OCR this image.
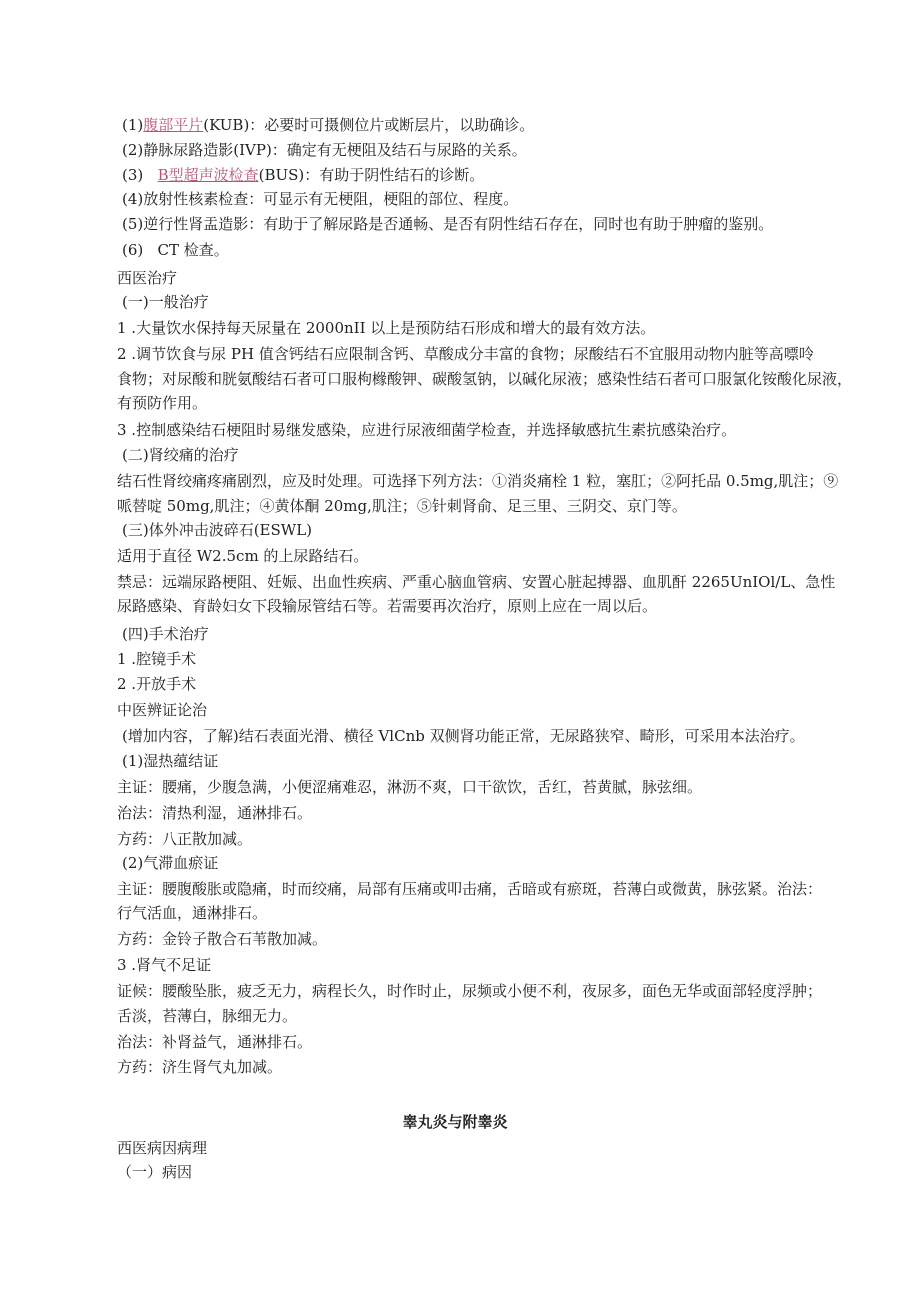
(1)腹部平片(KUB)：必要时可摄侧位片或断层片，以助确诊。
(2)静脉尿路造影(IVP)：确定有无梗阻及结石与尿路的关系。
(3)   B型超声波检查(BUS)：有助于阴性结石的诊断。
(4)放射性核素检查：可显示有无梗阻，梗阻的部位、程度。
(5)逆行性肾盂造影：有助于了解尿路是否通畅、是否有阴性结石存在，同时也有助于肿瘤的鉴别。
(6)   CT 检查。
西医治疗
(一)一般治疗
1 .大量饮水保持每天尿量在 2000nII 以上是预防结石形成和增大的最有效方法。
2 .调节饮食与尿 PH 值含钙结石应限制含钙、草酸成分丰富的食物；尿酸结石不宜服用动物内脏等高嘌呤
食物；对尿酸和胱氨酸结石者可口服枸橼酸钾、碳酸氢钠，以碱化尿液；感染性结石者可口服氯化铵酸化尿液，
有预防作用。
3 .控制感染结石梗阻时易继发感染，应进行尿液细菌学检查，并选择敏感抗生素抗感染治疗。
(二)肾绞痛的治疗
结石性肾绞痛疼痛剧烈，应及时处理。可选择下列方法：①消炎痛栓 1 粒，塞肛；②阿托品 0.5mg,肌注；⑨
哌替啶 50mg,肌注；④黄体酮 20mg,肌注；⑤针刺肾俞、足三里、三阴交、京门等。
(三)体外冲击波碎石(ESWL)
适用于直径 W2.5cm 的上尿路结石。
禁忌：远端尿路梗阻、妊娠、出血性疾病、严重心脑血管病、安置心脏起搏器、血肌酐 2265UnIOl/L、急性
尿路感染、育龄妇女下段输尿管结石等。若需要再次治疗，原则上应在一周以后。
(四)手术治疗
1 .腔镜手术
2 .开放手术
中医辨证论治
(增加内容，了解)结石表面光滑、横径 VlCnb 双侧肾功能正常，无尿路狭窄、畸形，可采用本法治疗。
(1)湿热蕴结证
主证：腰痛，少腹急满，小便涩痛难忍，淋沥不爽，口干欲饮，舌红，苔黄腻，脉弦细。
治法：清热利湿，通淋排石。
方药：八正散加减。
(2)气滞血瘀证
主证：腰腹酸胀或隐痛，时而绞痛，局部有压痛或叩击痛，舌暗或有瘀斑，苔薄白或微黄，脉弦紧。治法：
行气活血，通淋排石。
方药：金铃子散合石苇散加减。
3 .肾气不足证
证候：腰酸坠胀，疲乏无力，病程长久，时作时止，尿频或小便不利，夜尿多，面色无华或面部轻度浮肿；
舌淡，苔薄白，脉细无力。
治法：补肾益气，通淋排石。
方药：济生肾气丸加减。
睾丸炎与附睾炎
西医病因病理
（一）病因
